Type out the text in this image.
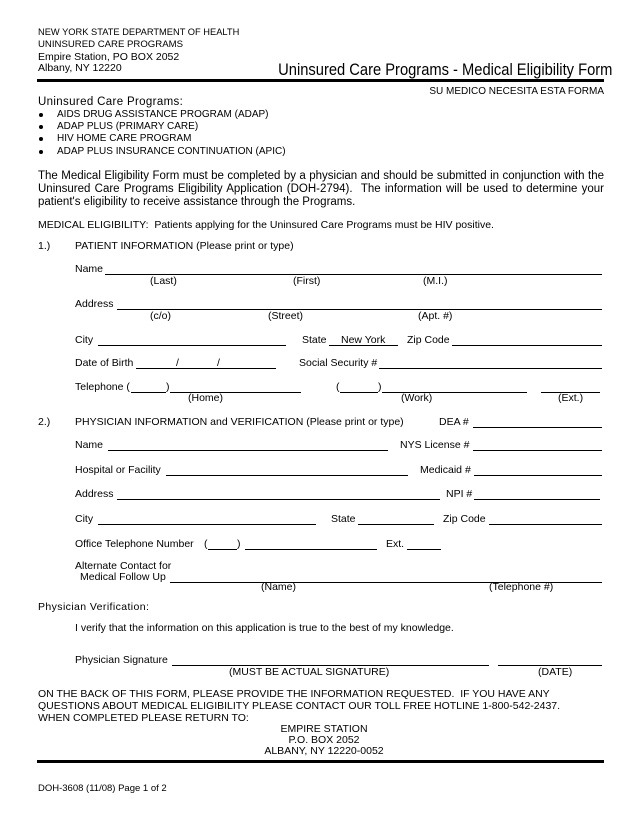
NEW YORK STATE DEPARTMENT OF HEALTH
UNINSURED CARE PROGRAMS
Empire Station, PO BOX 2052
Albany, NY 12220	Uninsured Care Programs - Medical Eligibility Form
SU MEDICO NECESITA ESTA FORMA
Uninsured Care Programs:
AIDS DRUG ASSISTANCE PROGRAM (ADAP)
ADAP PLUS (PRIMARY CARE)
HIV HOME CARE PROGRAM
ADAP PLUS INSURANCE CONTINUATION (APIC)
The Medical Eligibility Form must be completed by a physician and should be submitted in conjunction with the
Uninsured Care Programs Eligibility Application (DOH-2794).  The information will be used to determine your
patient's eligibility to receive assistance through the Programs.
MEDICAL ELIGIBILITY:  Patients applying for the Uninsured Care Programs must be HIV positive.
1.) PATIENT INFORMATION (Please print or type)
Name
(Last)	(First)	(M.I.)
Address
(c/o)	(Street)	(Apt. #)
City	State New York Zip Code
Date of Birth	/	/	Social Security #
Telephone (	)	(	)
(Home)	(Work)	(Ext.)
2.) PHYSICIAN INFORMATION and VERIFICATION (Please print or type)	DEA #
Name	NYS License #
Hospital or Facility	Medicaid #
Address	NPI #
City	State	Zip Code
Office Telephone Number (	)	Ext.
Alternate Contact for
Medical Follow Up
(Name)	(Telephone #)
Physician Verification:
I verify that the information on this application is true to the best of my knowledge.
Physician Signature
(MUST BE ACTUAL SIGNATURE)	(DATE)
ON THE BACK OF THIS FORM, PLEASE PROVIDE THE INFORMATION REQUESTED.  IF YOU HAVE ANY
QUESTIONS ABOUT MEDICAL ELIGIBILITY PLEASE CONTACT OUR TOLL FREE HOTLINE 1-800-542-2437.
WHEN COMPLETED PLEASE RETURN TO:
EMPIRE STATION
P.O. BOX 2052
ALBANY, NY 12220-0052
DOH-3608 (11/08) Page 1 of 2
